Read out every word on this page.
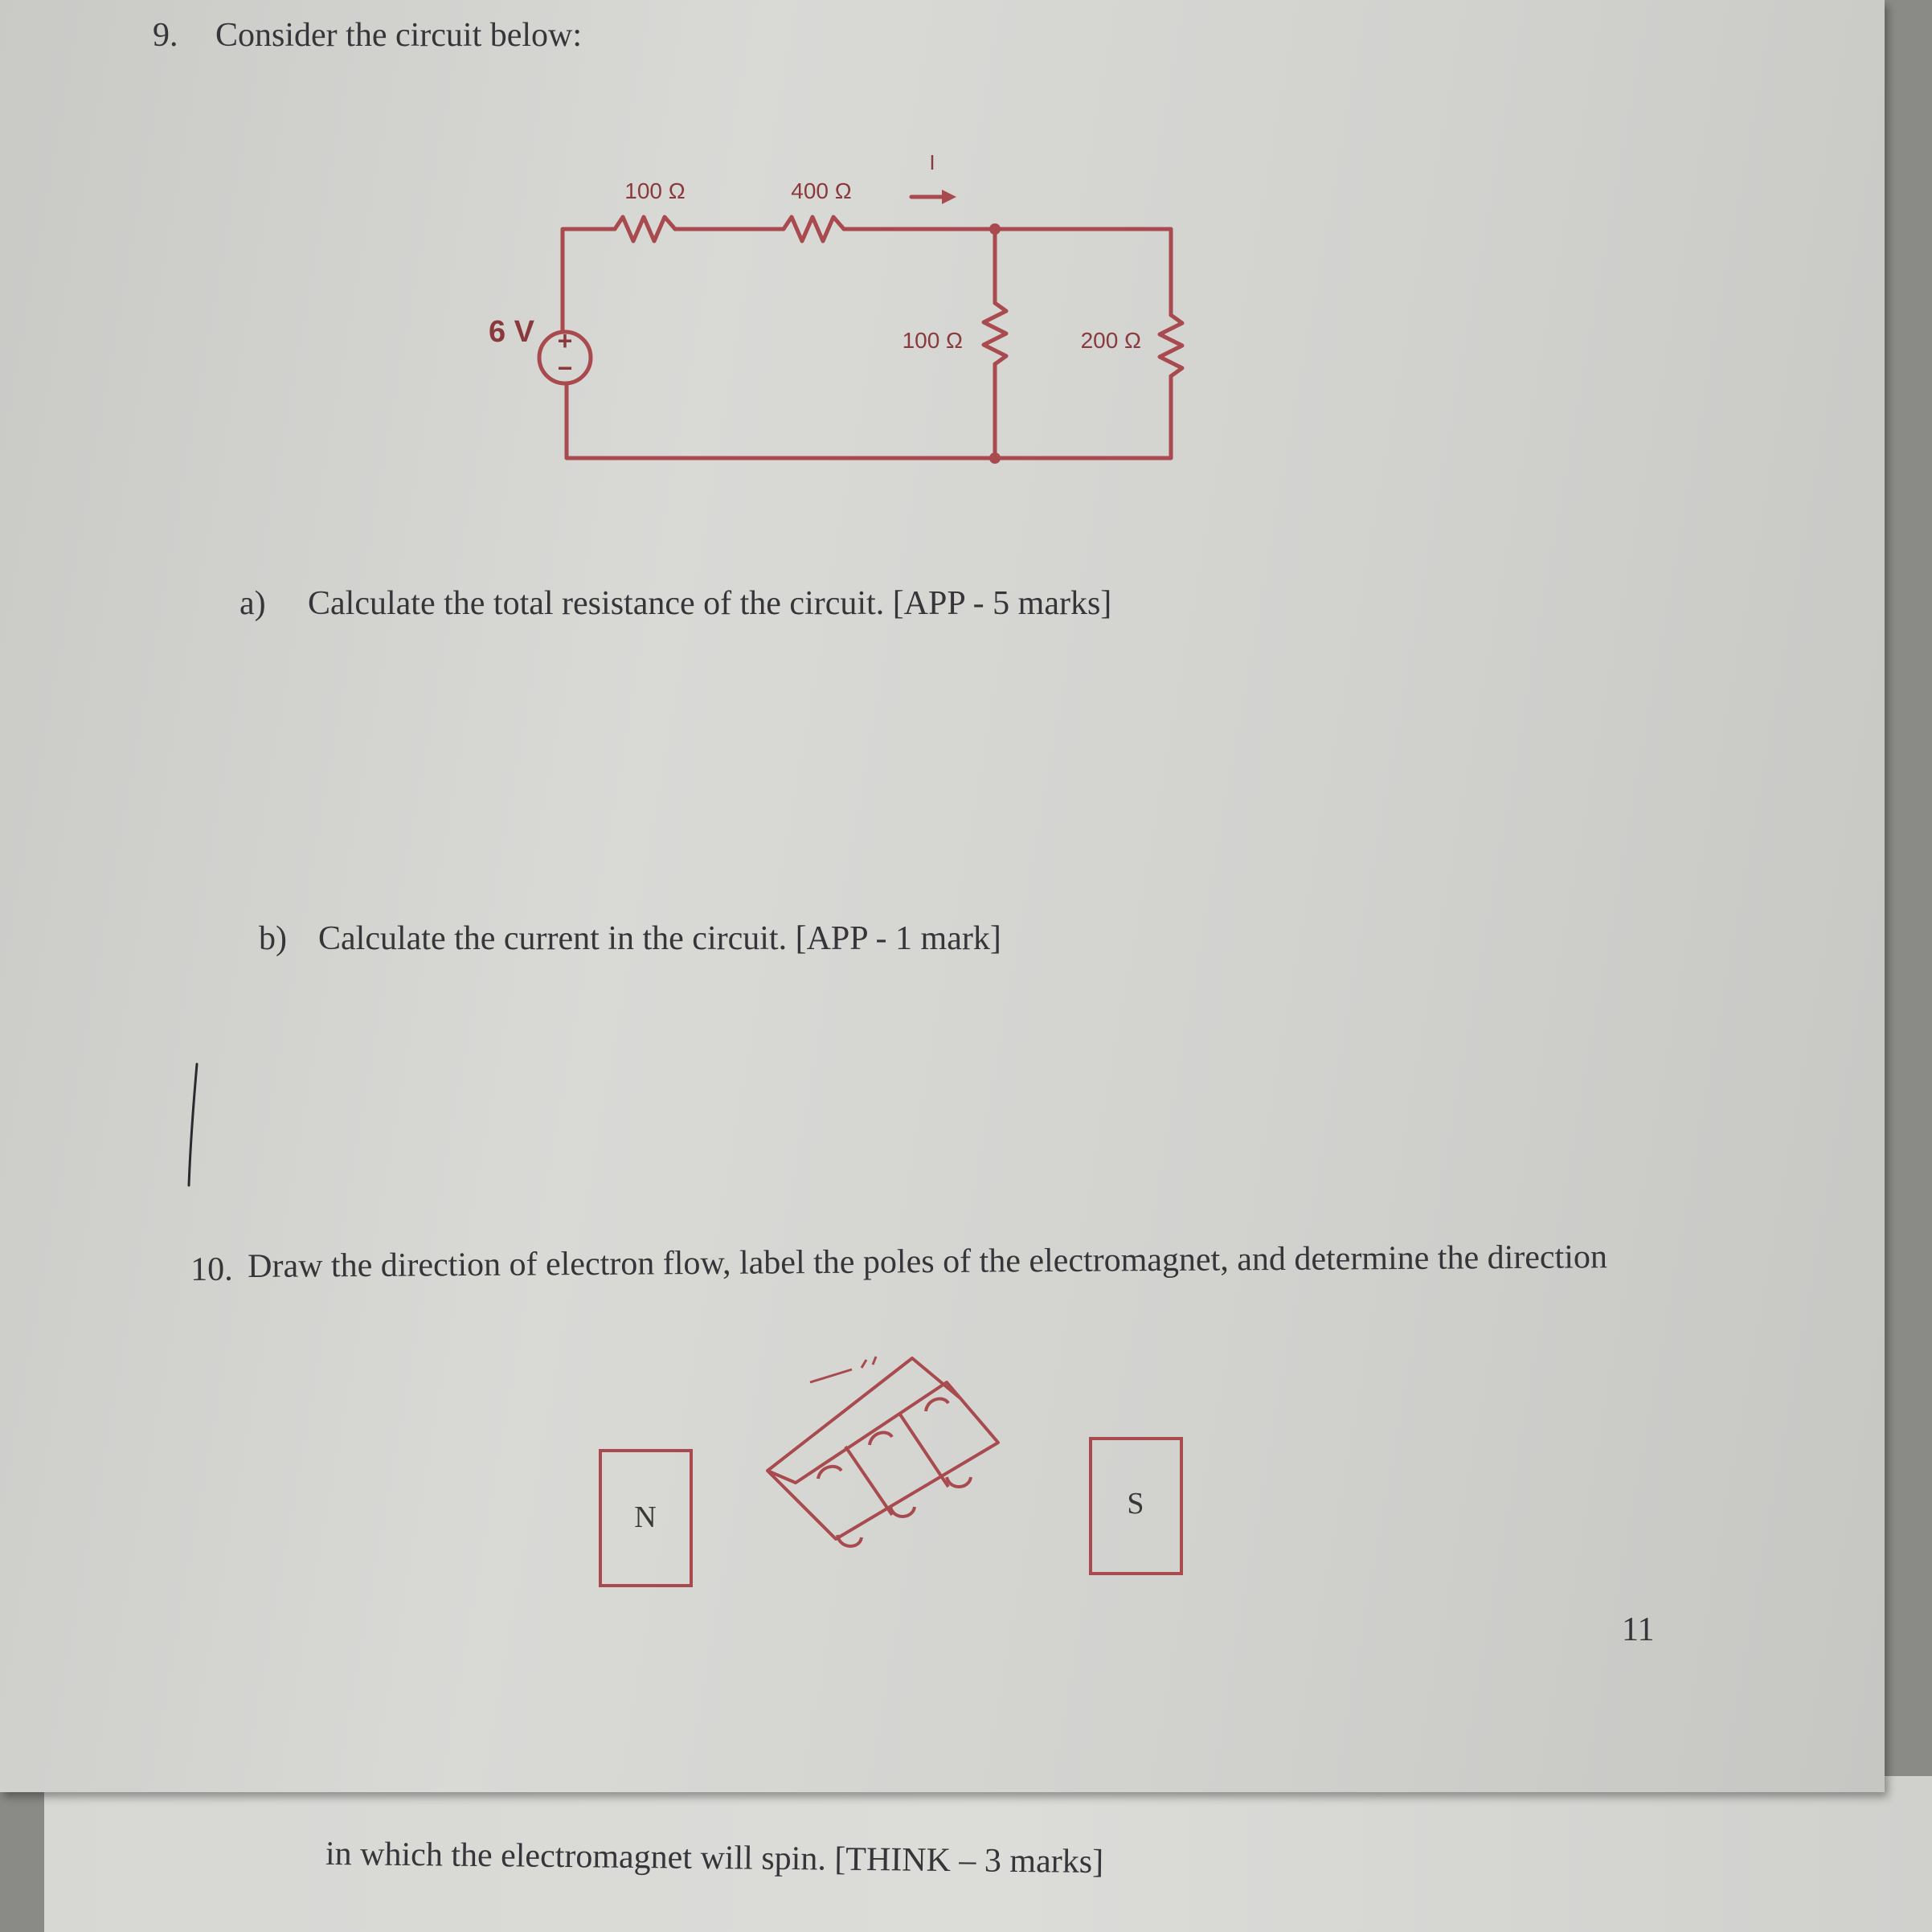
in which the electromagnet will spin. [THINK – 3 marks]
9. Consider the circuit below:
+
−
6 V
100 Ω	400 Ω
I
100 Ω	200 Ω
a) Calculate the total resistance of the circuit. [APP - 5 marks]
b) Calculate the current in the circuit. [APP - 1 mark]
10. Draw the direction of electron flow, label the poles of the electromagnet, and determine the direction
N	S
11
